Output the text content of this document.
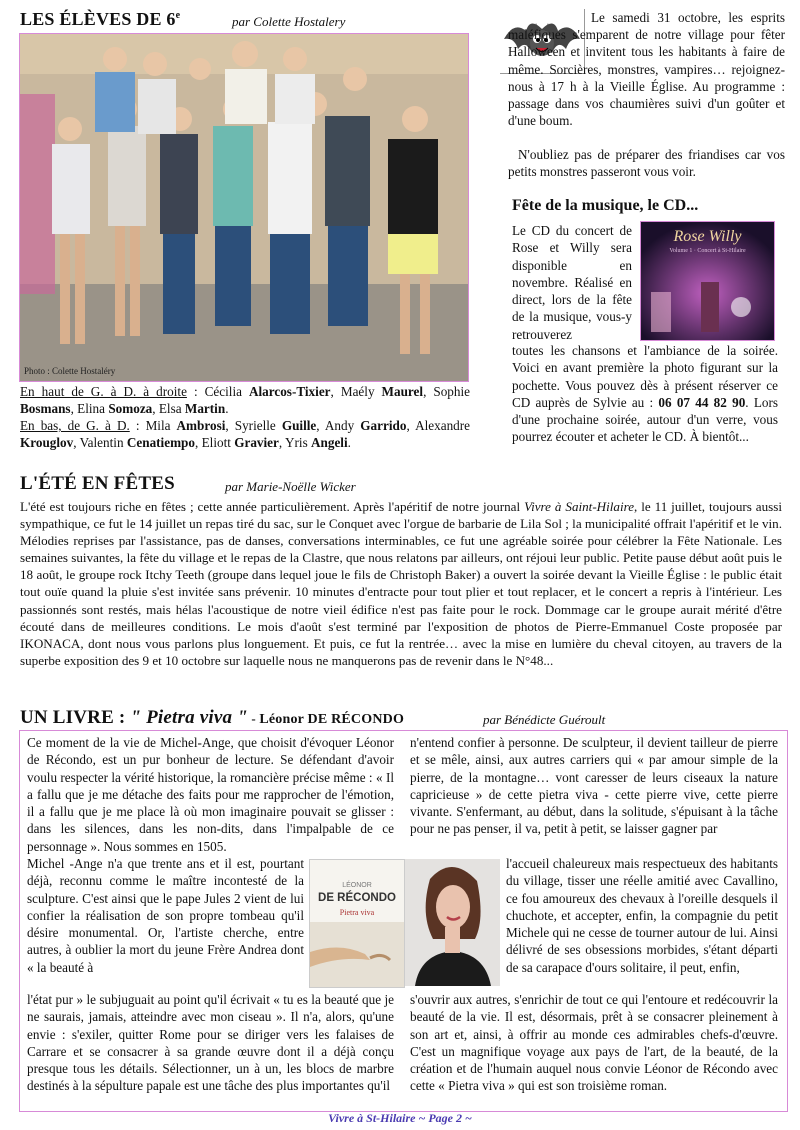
LES ÉLÈVES DE 6e	par Colette Hostalery
Photo : Colette Hostaléry
En haut de G. à D. à droite : Cécilia Alarcos-Tixier, Maély Maurel, Sophie Bosmans, Elina Somoza, Elsa Martin.
En bas, de G. à D. : Mila Ambrosi, Syrielle Guille, Andy Garrido, Alexandre Krouglov, Valentin Cenatiempo, Eliott Gravier, Yris Angeli.
Le samedi 31 octobre, les esprits maléfiques s'emparent de notre village pour fêter Halloween et invitent tous les habitants à faire de même. Sorcières, monstres, vampires… rejoignez-nous à 17 h à la Vieille Église. Au programme : passage dans vos chaumières suivi d'un goûter et d'une boum.
N'oubliez pas de préparer des friandises car vos petits monstres passeront vous voir.
Fête de la musique, le CD...
Rose Willy
Volume 1 · Concert à St-Hilaire
Le CD du concert de Rose et Willy sera disponible en novembre. Réalisé en direct, lors de la fête de la musique, vous-y retrouverez
toutes les chansons et l'ambiance de la soirée. Voici en avant première la photo figurant sur la pochette. Vous pouvez dès à présent réserver ce CD auprès de Sylvie au : 06 07 44 82 90. Lors d'une prochaine soirée, autour d'un verre, vous pourrez écouter et acheter le CD. À bientôt...
L'ÉTÉ EN FÊTES	par Marie-Noëlle Wicker
L'été est toujours riche en fêtes ; cette année particulièrement. Après l'apéritif de notre journal Vivre à Saint-Hilaire, le 11 juillet, toujours aussi sympathique, ce fut le 14 juillet un repas tiré du sac, sur le Conquet avec l'orgue de barbarie de Lila Sol ; la municipalité offrait l'apéritif et le vin. Mélodies reprises par l'assistance, pas de danses, conversations interminables, ce fut une agréable soirée pour célébrer la Fête Nationale. Les semaines suivantes, la fête du village et le repas de la Clastre, que nous relatons par ailleurs, ont réjoui leur public. Petite pause début août puis le 18 août, le groupe rock Itchy Teeth (groupe dans lequel joue le fils de Christoph Baker) a ouvert la soirée devant la Vieille Église : le public était tout ouïe quand la pluie s'est invitée sans prévenir. 10 minutes d'entracte pour tout plier et tout replacer, et le concert a repris à l'intérieur. Les passionnés sont restés, mais hélas l'acoustique de notre vieil édifice n'est pas faite pour le rock. Dommage car le groupe aurait mérité d'être écouté dans de meilleures conditions. Le mois d'août s'est terminé par l'exposition de photos de Pierre-Emmanuel Coste proposée par IKONACA, dont nous vous parlons plus longuement. Et puis, ce fut la rentrée… avec la mise en lumière du cheval citoyen, au travers de la superbe exposition des 9 et 10 octobre sur laquelle nous ne manquerons pas de revenir dans le N°48...
UN LIVRE : " Pietra viva " - Léonor DE RÉCONDO	par Bénédicte Guéroult
Ce moment de la vie de Michel-Ange, que choisit d'évoquer Léonor de Récondo, est un pur bonheur de lecture. Se défendant d'avoir voulu respecter la vérité historique, la romancière précise même : « Il a fallu que je me détache des faits pour me rapprocher de l'émotion, il a fallu que je me place là où mon imaginaire pouvait se glisser : dans les silences, dans les non-dits, dans l'impalpable de ce personnage ». Nous sommes en 1505.
Michel -Ange n'a que trente ans et il est, pourtant déjà, reconnu comme le maître incontesté de la sculpture. C'est ainsi que le pape Jules 2 vient de lui confier la réalisation de son propre tombeau qu'il désire monumental. Or, l'artiste cherche, entre autres, à oublier la mort du jeune Frère Andrea dont « la beauté à
l'état pur » le subjuguait au point qu'il écrivait « tu es la beauté que je ne saurais, jamais, atteindre avec mon ciseau ». Il n'a, alors, qu'une envie : s'exiler, quitter Rome pour se diriger vers les falaises de Carrare et se consacrer à sa grande œuvre dont il a déjà conçu presque tous les détails. Sélectionner, un à un, les blocs de marbre destinés à la sépulture papale est une tâche des plus importantes qu'il
n'entend confier à personne. De sculpteur, il devient tailleur de pierre et se mêle, ainsi, aux autres carriers qui « par amour simple de la pierre, de la montagne… vont caresser de leurs ciseaux la nature capricieuse » de cette pietra viva - cette pierre vive, cette pierre vivante. S'enfermant, au début, dans la solitude, s'épuisant à la tâche pour ne pas penser, il va, petit à petit, se laisser gagner par
l'accueil chaleureux mais respectueux des habitants du village, tisser une réelle amitié avec Cavallino, ce fou amoureux des chevaux à l'oreille desquels il chuchote, et accepter, enfin, la compagnie du petit Michele qui ne cesse de tourner autour de lui. Ainsi délivré de ses obsessions morbides, s'étant départi de sa carapace d'ours solitaire, il peut, enfin,
s'ouvrir aux autres, s'enrichir de tout ce qui l'entoure et redécouvrir la beauté de la vie. Il est, désormais, prêt à se consacrer pleinement à son art et, ainsi, à offrir au monde ces admirables chefs-d'œuvre. C'est un magnifique voyage aux pays de l'art, de la beauté, de la création et de l'humain auquel nous convie Léonor de Récondo avec cette « Pietra viva » qui est son troisième roman.
LÉONOR
DE RÉCONDO
Pietra viva
Vivre à St-Hilaire ~ Page 2 ~
